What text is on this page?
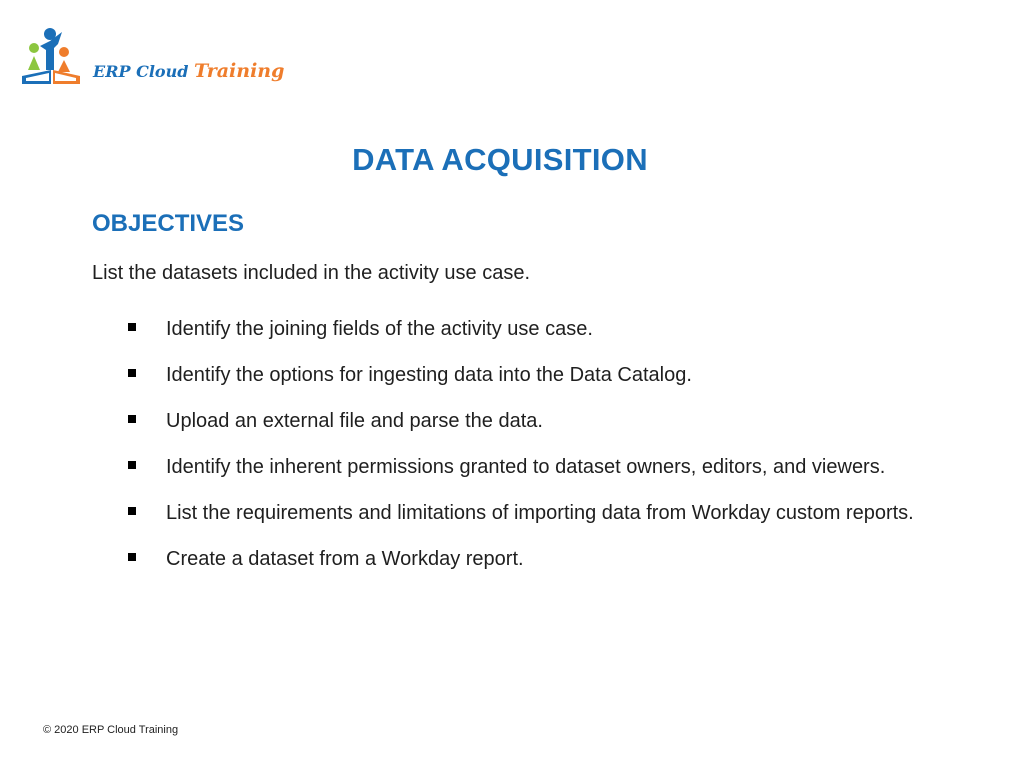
ERP Cloud Training
DATA ACQUISITION
OBJECTIVES
List the datasets included in the activity use case.
Identify the joining fields of the activity use case.
Identify the options for ingesting data into the Data Catalog.
Upload an external file and parse the data.
Identify the inherent permissions granted to dataset owners, editors, and viewers.
List the requirements and limitations of importing data from Workday custom reports.
Create a dataset from a Workday report.
© 2020 ERP Cloud Training
